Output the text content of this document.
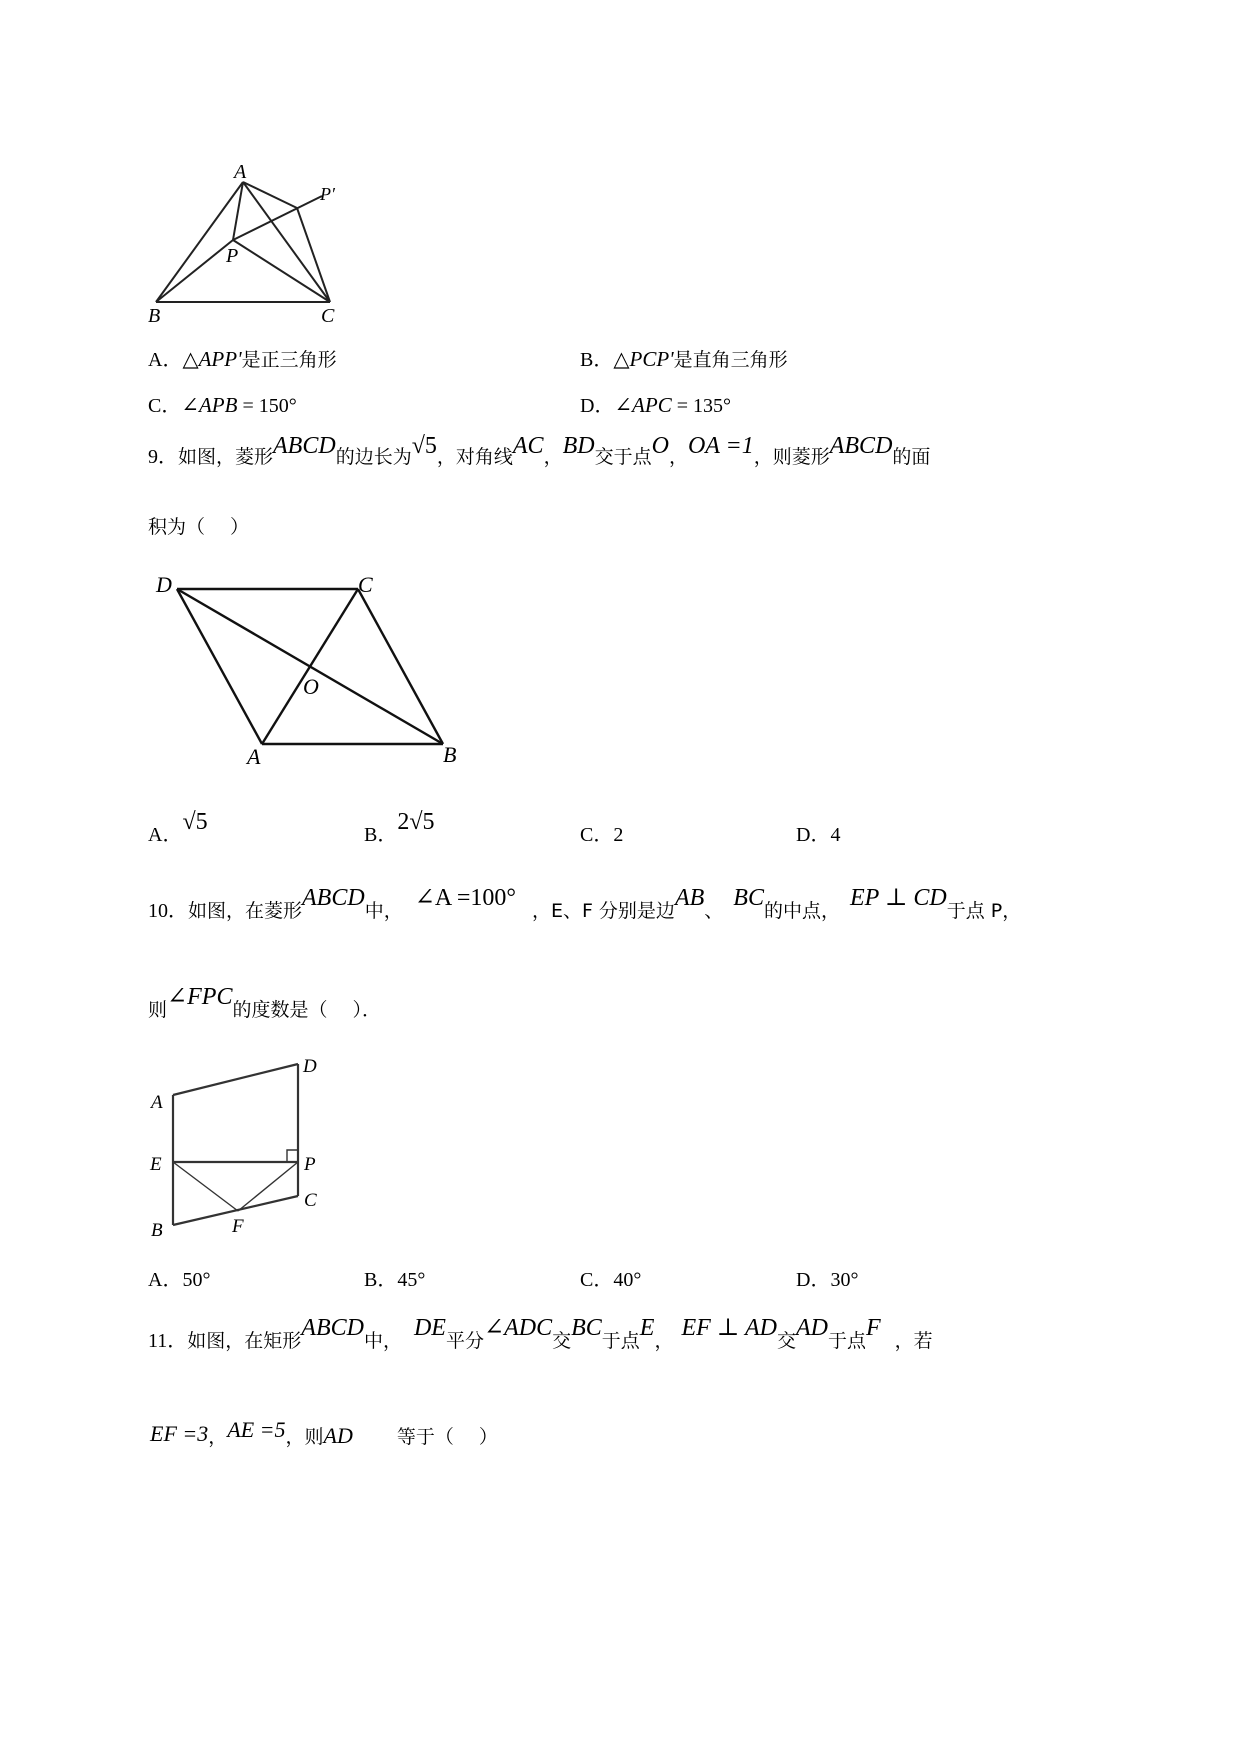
A
P′
P
B	C
A．△APP'是正三角形	B．△PCP'是直角三角形
C．∠APB = 150°	D．∠APC = 135°
9．如图，菱形ABCD的边长为√5，对角线AC，BD交于点O，OA =1，则菱形ABCD的面
积为（　 ）
D	C
O
A	B
A．√5	B．2√5	C．2	D．4
10．如图，在菱形ABCD中， ∠A =100° ，E、F 分别是边AB、 BC的中点， EP ⊥ CD于点 P，
则∠FPC的度数是（　 ）．
A
D
E	P
C
B	F
A．50°	B．45°	C．40°	D．30°
11．如图，在矩形ABCD中， DE平分∠ADC交BC于点E， EF ⊥ AD交AD于点F ，若
EF =3，AE =5，则AD 等于（　 ）
